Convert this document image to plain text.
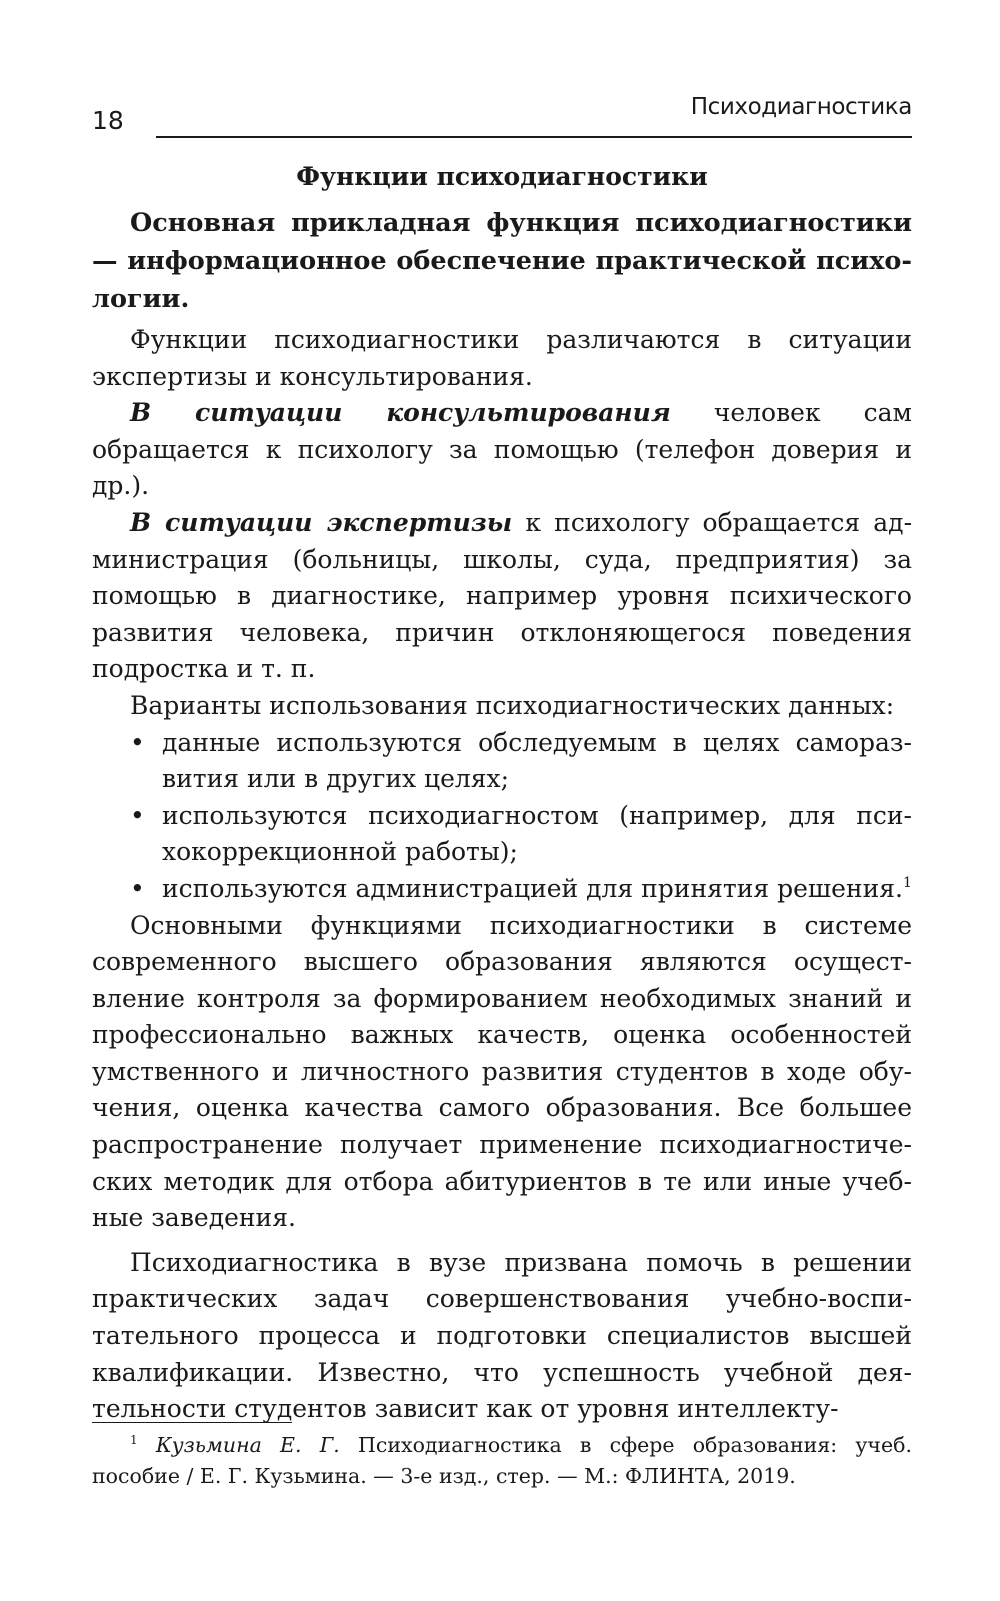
18	Психодиагностика
Функции психодиагностики

Основная прикладная функция психодиагностики — информационное обеспечение практической психологии.

Функции психодиагностики различаются в ситуации экспертизы и консультирования.

В ситуации консультирования человек сам обращается к психологу за помощью (телефон доверия и др.).

В ситуации экспертизы к психологу обращается администрация (больницы, школы, суда, предприятия) за помощью в диагностике, например уровня психического развития человека, причин отклоняющегося поведения подростка и т. п.

Варианты использования психодиагностических данных:

• данные используются обследуемым в целях саморазвития или в других целях;
• используются психодиагностом (например, для психокоррекционной работы);
• используются администрацией для принятия решения.$^1$

Основными функциями психодиагностики в системе современного высшего образования являются осуществление контроля за формированием необходимых знаний и профессионально важных качеств, оценка особенностей умственного и личностного развития студентов в ходе обучения, оценка качества самого образования. Все большее распространение получает применение психодиагностических методик для отбора абитуриентов в те или иные учебные заведения.

Психодиагностика в вузе призвана помочь в решении практических задач совершенствования учебно-воспитательного процесса и подготовки специалистов высшей квалификации. Известно, что успешность учебной деятельности студентов зависит как от уровня интеллекту-

$^1$ Кузьмина Е. Г. Психодиагностика в сфере образования: учеб. пособие / Е. Г. Кузьмина. — 3-е изд., стер. — М.: ФЛИНТА, 2019.
